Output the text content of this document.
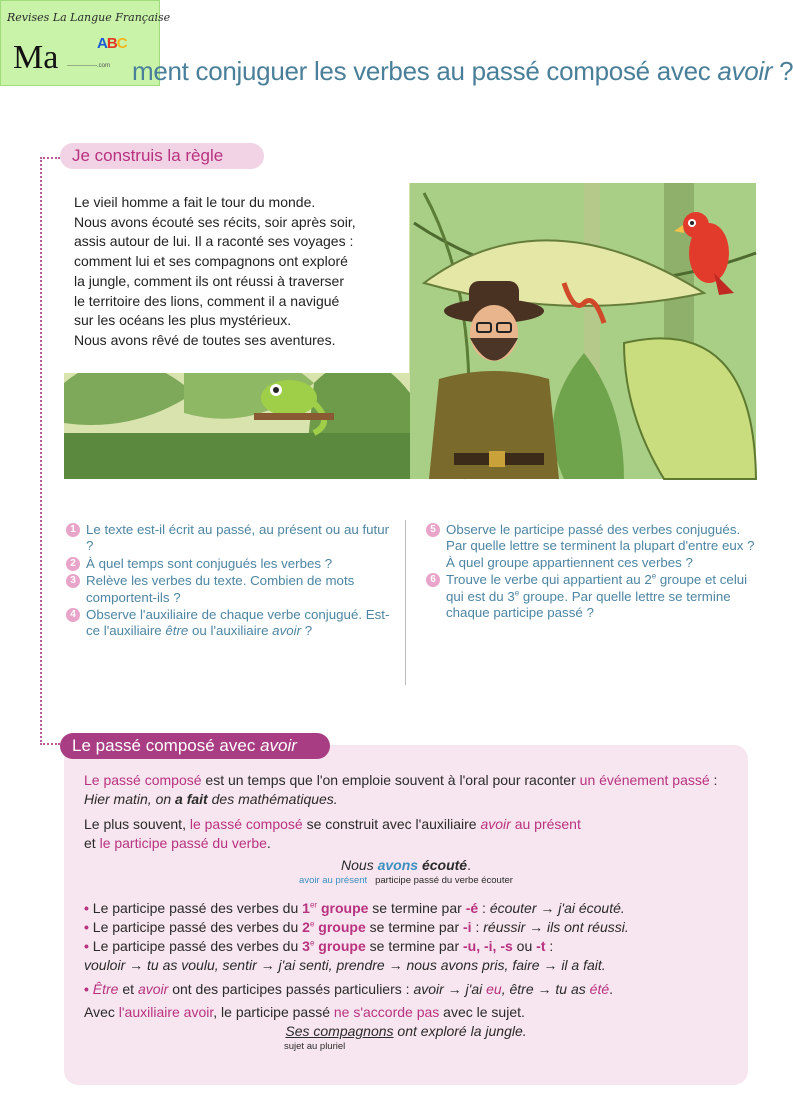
Revises La Langue Française
Ma	ABC
—————.com ment conjuguer les verbes au passé composé avec avoir ?
Je construis la règle
Le vieil homme a fait le tour du monde.
Nous avons écouté ses récits, soir après soir,
assis autour de lui. Il a raconté ses voyages :
comment lui et ses compagnons ont exploré
la jungle, comment ils ont réussi à traverser
le territoire des lions, comment il a navigué
sur les océans les plus mystérieux.
Nous avons rêvé de toutes ses aventures.
1 Le texte est-il écrit au passé, au présent ou au futur ?
2 À quel temps sont conjugués les verbes ?
3 Relève les verbes du texte. Combien de mots comportent-ils ?
4 Observe l'auxiliaire de chaque verbe conjugué. Est-ce l'auxiliaire être ou l'auxiliaire avoir ?
5 Observe le participe passé des verbes conjugués. Par quelle lettre se terminent la plupart d'entre eux ? À quel groupe appartiennent ces verbes ?
6 Trouve le verbe qui appartient au 2e groupe et celui qui est du 3e groupe. Par quelle lettre se termine chaque participe passé ?
Le passé composé avec avoir

Le passé composé est un temps que l'on emploie souvent à l'oral pour raconter un événement passé : Hier matin, on a fait des mathématiques.

Le plus souvent, le passé composé se construit avec l'auxiliaire avoir au présent
et le participe passé du verbe.

Nous avons écouté.

avoir au présent participe passé du verbe écouter

• Le participe passé des verbes du 1er groupe se termine par -é : écouter → j'ai écouté.

• Le participe passé des verbes du 2e groupe se termine par -i : réussir → ils ont réussi.

• Le participe passé des verbes du 3e groupe se termine par -u, -i, -s ou -t :
vouloir → tu as voulu, sentir → j'ai senti, prendre → nous avons pris, faire → il a fait.

• Être et avoir ont des participes passés particuliers : avoir → j'ai eu, être → tu as été.

Avec l'auxiliaire avoir, le participe passé ne s'accorde pas avec le sujet.

Ses compagnons ont exploré la jungle.

sujet au pluriel
